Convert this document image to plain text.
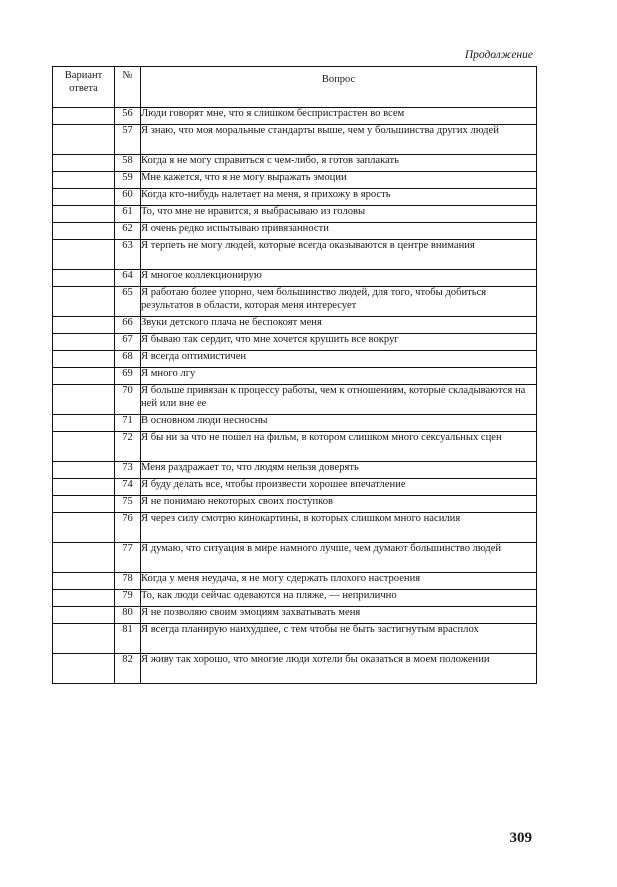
Продолжение
Вариант ответа	№	Вопрос
	56	Люди говорят мне, что я слишком беспристрастен во всем
	57	Я знаю, что моя моральные стандарты выше, чем у большинства других людей
	58	Когда я не могу справиться с чем-либо, я готов заплакать
	59	Мне кажется, что я не могу выражать эмоции
	60	Когда кто-нибудь налетает на меня, я прихожу в ярость
	61	То, что мне не нравится, я выбрасываю из головы
	62	Я очень редко испытываю привязанности
	63	Я терпеть не могу людей, которые всегда оказываются в центре внимания
	64	Я многое коллекционирую
	65	Я работаю более упорно, чем большинство людей, для того, чтобы добиться результатов в области, которая меня интересует
	66	Звуки детского плача не беспокоят меня
	67	Я бываю так сердит, что мне хочется крушить все вокруг
	68	Я всегда оптимистичен
	69	Я много лгу
	70	Я больше привязан к процессу работы, чем к отношениям, которые складываются на ней или вне ее
	71	В основном люди несносны
	72	Я бы ни за что не пошел на фильм, в котором слишком много сексуальных сцен
	73	Меня раздражает то, что людям нельзя доверять
	74	Я буду делать все, чтобы произвести хорошее впечатление
	75	Я не понимаю некоторых своих поступков
	76	Я через силу смотрю кинокартины, в которых слишком много насилия
	77	Я думаю, что ситуация в мире намного лучше, чем думают большинство людей
	78	Когда у меня неудача, я не могу сдержать плохого настроения
	79	То, как люди сейчас одеваются на пляже, — неприлично
	80	Я не позволяю своим эмоциям захватывать меня
	81	Я всегда планирую наихудшее, с тем чтобы не быть застигнутым врасплох
	82	Я живу так хорошо, что многие люди хотели бы оказаться в моем положении
309
